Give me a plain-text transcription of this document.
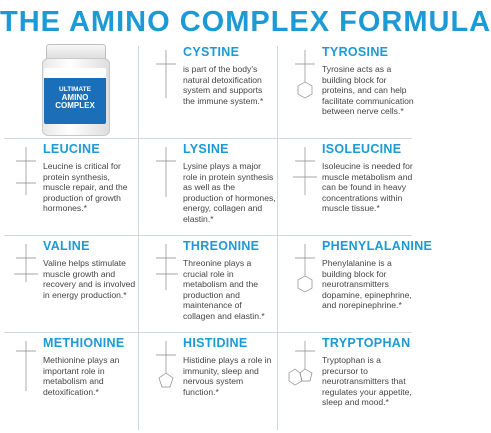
THE AMINO COMPLEX FORMULA
ULTIMATE
AMINO
COMPLEX
CYSTINE
is part of the body's natural detoxification system and supports the immune system.*
TYROSINE
Tyrosine acts as a building block for proteins, and can help facilitate communication between nerve cells.*
LEUCINE
Leucine is critical for protein synthesis, muscle repair, and the production of growth hormones.*
LYSINE
Lysine plays a major role in protein synthesis as well as the production of hormones, energy, collagen and elastin.*
ISOLEUCINE
Isoleucine is needed for muscle metabolism and can be found in heavy concentrations within muscle tissue.*
VALINE
Valine helps stimulate muscle growth and recovery and is involved in energy production.*
THREONINE
Threonine plays a crucial role in metabolism and the production and maintenance of collagen and elastin.*
PHENYLALANINE
Phenylalanine is a building block for neurotransmitters dopamine, epinephrine, and norepinephrine.*
METHIONINE
Methionine plays an important role in metabolism and detoxification.*
HISTIDINE
Histidine plays a role in immunity, sleep and nervous system function.*
TRYPTOPHAN
Tryptophan is a precursor to neurotransmitters that regulates your appetite, sleep and mood.*
